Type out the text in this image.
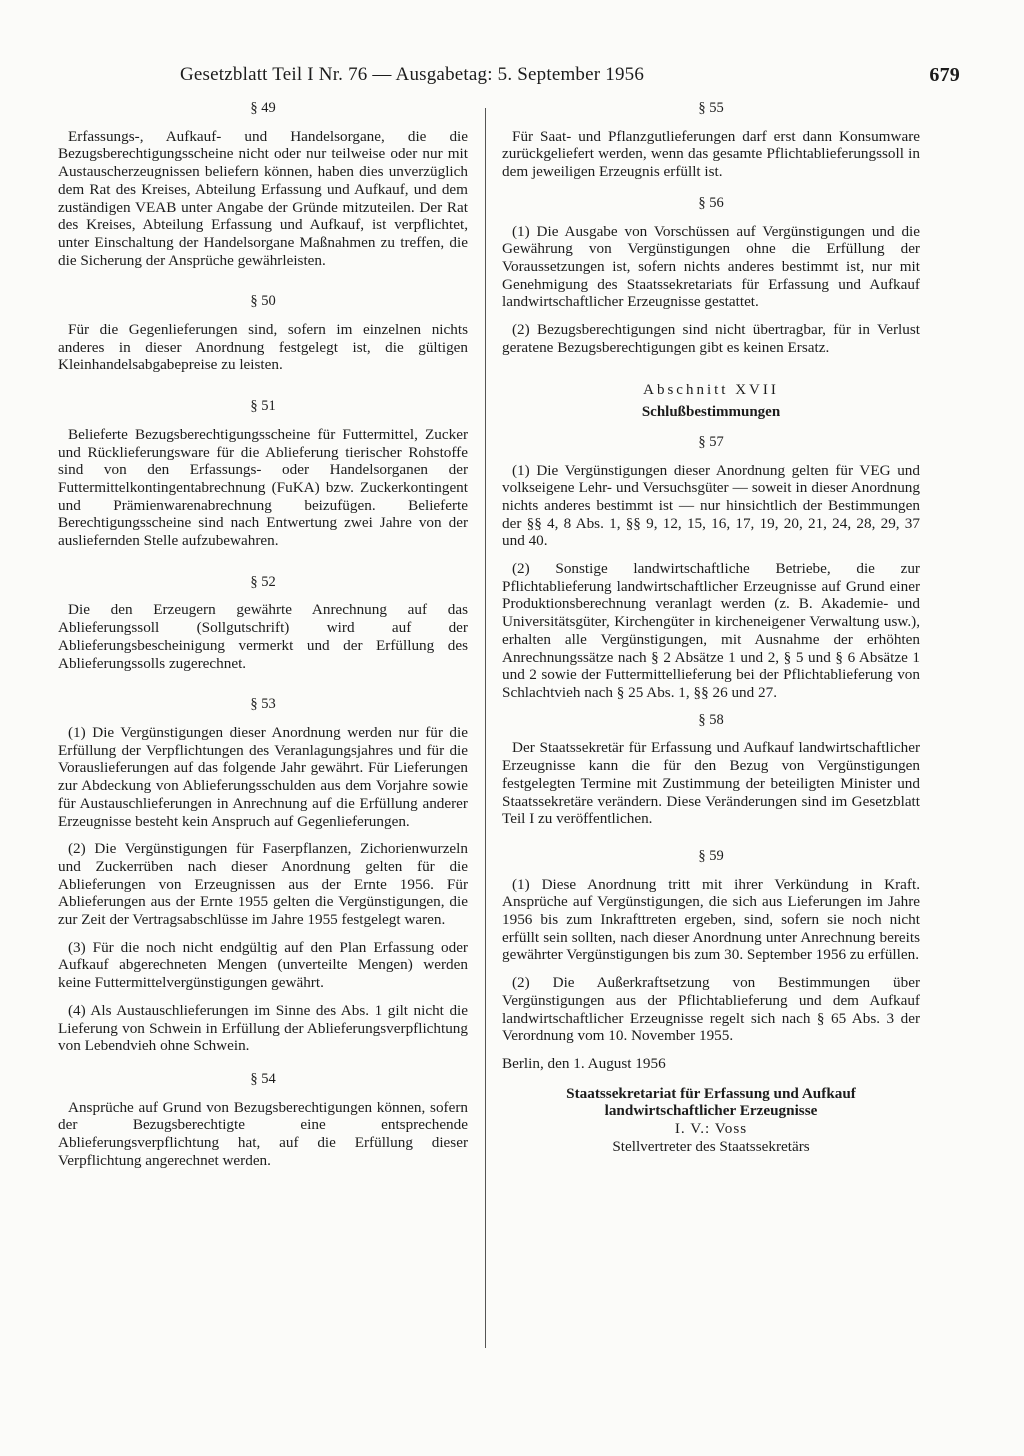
Gesetzblatt Teil I Nr. 76 — Ausgabetag: 5. September 1956	679
§ 49

Erfassungs-, Aufkauf- und Handelsorgane, die die Bezugsberechtigungsscheine nicht oder nur teilweise oder nur mit Austauscherzeugnissen beliefern können, haben dies unverzüglich dem Rat des Kreises, Abteilung Erfassung und Aufkauf, und dem zuständigen VEAB unter Angabe der Gründe mitzuteilen. Der Rat des Kreises, Abteilung Erfassung und Aufkauf, ist verpflichtet, unter Einschaltung der Handelsorgane Maßnahmen zu treffen, die die Sicherung der Ansprüche gewährleisten.

§ 50

Für die Gegenlieferungen sind, sofern im einzelnen nichts anderes in dieser Anordnung festgelegt ist, die gültigen Kleinhandelsabgabepreise zu leisten.

§ 51

Belieferte Bezugsberechtigungsscheine für Futtermittel, Zucker und Rücklieferungsware für die Ablieferung tierischer Rohstoffe sind von den Erfassungs- oder Handelsorganen der Futtermittelkontingentabrechnung (FuKA) bzw. Zuckerkontingent und Prämienwarenabrechnung beizufügen. Belieferte Berechtigungsscheine sind nach Entwertung zwei Jahre von der ausliefernden Stelle aufzubewahren.

§ 52

Die den Erzeugern gewährte Anrechnung auf das Ablieferungssoll (Sollgutschrift) wird auf der Ablieferungsbescheinigung vermerkt und der Erfüllung des Ablieferungssolls zugerechnet.

§ 53

(1) Die Vergünstigungen dieser Anordnung werden nur für die Erfüllung der Verpflichtungen des Veranlagungsjahres und für die Vorauslieferungen auf das folgende Jahr gewährt. Für Lieferungen zur Abdeckung von Ablieferungsschulden aus dem Vorjahre sowie für Austauschlieferungen in Anrechnung auf die Erfüllung anderer Erzeugnisse besteht kein Anspruch auf Gegenlieferungen.

(2) Die Vergünstigungen für Faserpflanzen, Zichorienwurzeln und Zuckerrüben nach dieser Anordnung gelten für die Ablieferungen von Erzeugnissen aus der Ernte 1956. Für Ablieferungen aus der Ernte 1955 gelten die Vergünstigungen, die zur Zeit der Vertragsabschlüsse im Jahre 1955 festgelegt waren.

(3) Für die noch nicht endgültig auf den Plan Erfassung oder Aufkauf abgerechneten Mengen (unverteilte Mengen) werden keine Futtermittelvergünstigungen gewährt.

(4) Als Austauschlieferungen im Sinne des Abs. 1 gilt nicht die Lieferung von Schwein in Erfüllung der Ablieferungsverpflichtung von Lebendvieh ohne Schwein.

§ 54

Ansprüche auf Grund von Bezugsberechtigungen können, sofern der Bezugsberechtigte eine entsprechende Ablieferungsverpflichtung hat, auf die Erfüllung dieser Verpflichtung angerechnet werden.

§ 55

Für Saat- und Pflanzgutlieferungen darf erst dann Konsumware zurückgeliefert werden, wenn das gesamte Pflichtablieferungssoll in dem jeweiligen Erzeugnis erfüllt ist.

§ 56

(1) Die Ausgabe von Vorschüssen auf Vergünstigungen und die Gewährung von Vergünstigungen ohne die Erfüllung der Voraussetzungen ist, sofern nichts anderes bestimmt ist, nur mit Genehmigung des Staatssekretariats für Erfassung und Aufkauf landwirtschaftlicher Erzeugnisse gestattet.

(2) Bezugsberechtigungen sind nicht übertragbar, für in Verlust geratene Bezugsberechtigungen gibt es keinen Ersatz.

Abschnitt XVII
Schlußbestimmungen
§ 57

(1) Die Vergünstigungen dieser Anordnung gelten für VEG und volkseigene Lehr- und Versuchsgüter — soweit in dieser Anordnung nichts anderes bestimmt ist — nur hinsichtlich der Bestimmungen der §§ 4, 8 Abs. 1, §§ 9, 12, 15, 16, 17, 19, 20, 21, 24, 28, 29, 37 und 40.

(2) Sonstige landwirtschaftliche Betriebe, die zur Pflichtablieferung landwirtschaftlicher Erzeugnisse auf Grund einer Produktionsberechnung veranlagt werden (z. B. Akademie- und Universitätsgüter, Kirchengüter in kircheneigener Verwaltung usw.), erhalten alle Vergünstigungen, mit Ausnahme der erhöhten Anrechnungssätze nach § 2 Absätze 1 und 2, § 5 und § 6 Absätze 1 und 2 sowie der Futtermittellieferung bei der Pflichtablieferung von Schlachtvieh nach § 25 Abs. 1, §§ 26 und 27.

§ 58

Der Staatssekretär für Erfassung und Aufkauf landwirtschaftlicher Erzeugnisse kann die für den Bezug von Vergünstigungen festgelegten Termine mit Zustimmung der beteiligten Minister und Staatssekretäre verändern. Diese Veränderungen sind im Gesetzblatt Teil I zu veröffentlichen.

§ 59

(1) Diese Anordnung tritt mit ihrer Verkündung in Kraft. Ansprüche auf Vergünstigungen, die sich aus Lieferungen im Jahre 1956 bis zum Inkrafttreten ergeben, sind, sofern sie noch nicht erfüllt sein sollten, nach dieser Anordnung unter Anrechnung bereits gewährter Vergünstigungen bis zum 30. September 1956 zu erfüllen.

(2) Die Außerkraftsetzung von Bestimmungen über Vergünstigungen aus der Pflichtablieferung und dem Aufkauf landwirtschaftlicher Erzeugnisse regelt sich nach § 65 Abs. 3 der Verordnung vom 10. November 1955.

Berlin, den 1. August 1956

Staatssekretariat für Erfassung und Aufkauf

landwirtschaftlicher Erzeugnisse

I. V.: Voss

Stellvertreter des Staatssekretärs
